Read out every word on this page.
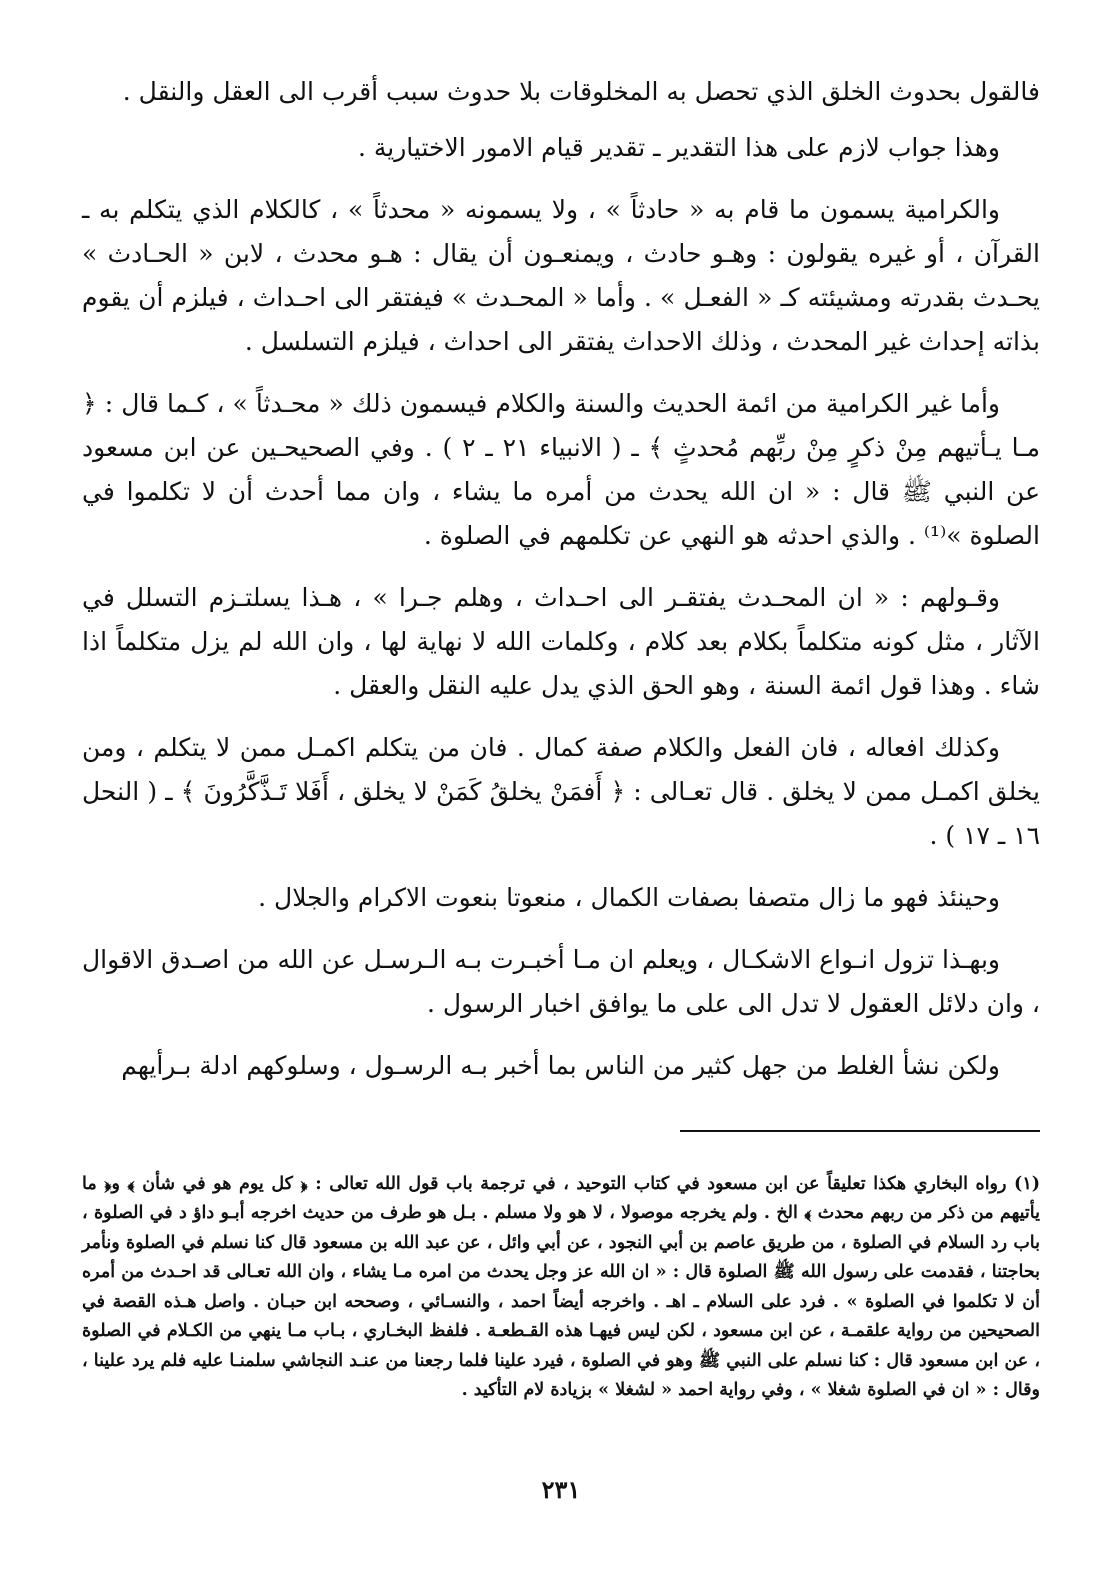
فالقول بحدوث الخلق الذي تحصل به المخلوقات بلا حدوث سبب أقرب الى العقل والنقل .

وهذا جواب لازم على هذا التقدير ـ تقدير قيام الامور الاختيارية .

والكرامية يسمون ما قام به « حادثاً » ، ولا يسمونه « محدثاً » ، كالكلام الذي يتكلم به ـ القرآن ، أو غيره يقولون : وهـو حادث ، ويمنعـون أن يقال : هـو محدث ، لابن « الحـادث » يحـدث بقدرته ومشيئته كـ « الفعـل » . وأما « المحـدث » فيفتقر الى احـداث ، فيلزم أن يقوم بذاته إحداث غير المحدث ، وذلك الاحداث يفتقر الى احداث ، فيلزم التسلسل .

وأما غير الكرامية من ائمة الحديث والسنة والكلام فيسمون ذلك « محـدثاً » ، كـما قال : ﴿ مـا يـأتيهم مِنْ ذكرٍ مِنْ ربِّهم مُحدثٍ ﴾ ـ ( الانبياء ٢١ ـ ٢ ) . وفي الصحيحـين عن ابن مسعود عن النبي ﷺ قال : « ان الله يحدث من أمره ما يشاء ، وان مما أحدث أن لا تكلموا في الصلوة »⁽¹⁾ . والذي احدثه هو النهي عن تكلمهم في الصلوة .

وقـولهم : « ان المحـدث يفتقـر الى احـداث ، وهلم جـرا » ، هـذا يسلتـزم التسلل في الآثار ، مثل كونه متكلماً بكلام بعد كلام ، وكلمات الله لا نهاية لها ، وان الله لم يزل متكلماً اذا شاء . وهذا قول ائمة السنة ، وهو الحق الذي يدل عليه النقل والعقل .

وكذلك افعاله ، فان الفعل والكلام صفة كمال . فان من يتكلم اكمـل ممن لا يتكلم ، ومن يخلق اكمـل ممن لا يخلق . قال تعـالى : ﴿ أَفمَنْ يخلقُ كَمَنْ لا يخلق ، أَفَلا تَـذَّكَّرُونَ ﴾ ـ ( النحل ١٦ ـ ١٧ ) .

وحينئذ فهو ما زال متصفا بصفات الكمال ، منعوتا بنعوت الاكرام والجلال .

وبهـذا تزول انـواع الاشكـال ، ويعلم ان مـا أخبـرت بـه الـرسـل عن الله من اصـدق الاقوال ، وان دلائل العقول لا تدل الى على ما يوافق اخبار الرسول .

ولكن نشأ الغلط من جهل كثير من الناس بما أخبر بـه الرسـول ، وسلوكهم ادلة بـرأيهم

(١) رواه البخاري هكذا تعليقاً عن ابن مسعود في كتاب التوحيد ، في ترجمة باب قول الله تعالى : ﴿ كل يوم هو في شأن ﴾ و﴿ ما يأتيهم من ذكر من ربهم محدث ﴾ الخ . ولم يخرجه موصولا ، لا هو ولا مسلم . بـل هو طرف من حديث اخرجه أبـو داؤ د في الصلوة ، باب رد السلام في الصلوة ، من طريق عاصم بن أبي النجود ، عن أبي وائل ، عن عبد الله بن مسعود قال كنا نسلم في الصلوة ونأمر بحاجتنا ، فقدمت على رسول الله ﷺ الصلوة قال : « ان الله عز وجل يحدث من امره مـا يشاء ، وان الله تعـالى قد احـدث من أمره أن لا تكلموا في الصلوة » . فرد على السلام ـ اهـ . واخرجه أيضاً احمد ، والنسـائي ، وصححه ابن حبـان . واصل هـذه القصة في الصحيحين من رواية علقمـة ، عن ابن مسعود ، لكن ليس فيهـا هذه القـطعـة . فلفظ البخـاري ، بـاب مـا ينهي من الكـلام في الصلوة ، عن ابن مسعود قال : كنا نسلم على النبي ﷺ وهو في الصلوة ، فيرد علينا فلما رجعنا من عنـد النجاشي سلمنـا عليه فلم يرد علينا ، وقال : « ان في الصلوة شغلا » ، وفي رواية احمد « لشغلا » بزيادة لام التأكيد .

٢٣١
